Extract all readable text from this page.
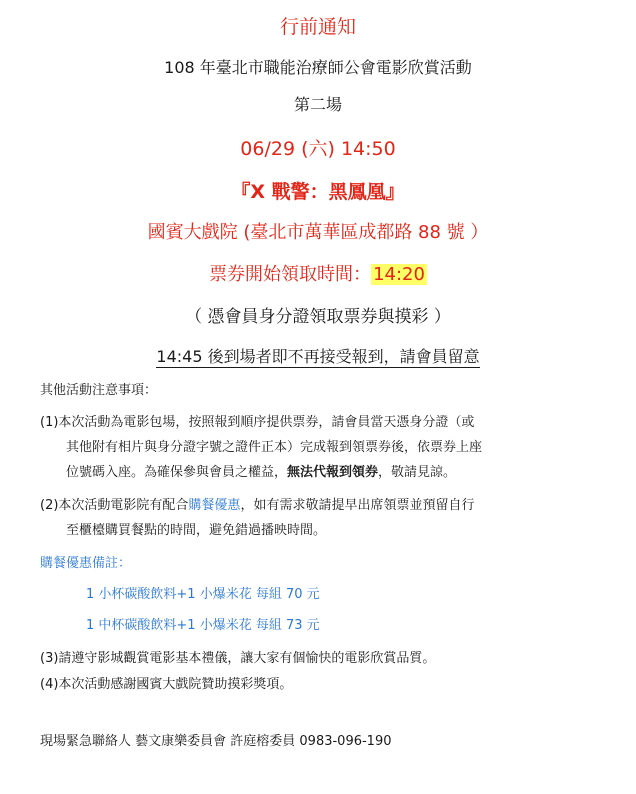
行前通知
108 年臺北市職能治療師公會電影欣賞活動
第二場
06/29 (六) 14:50
『X 戰警：黑鳳凰』
國賓大戲院 (臺北市萬華區成都路 88 號 ）
票券開始領取時間： 14:20
（ 憑會員身分證領取票券與摸彩 ）
14:45 後到場者即不再接受報到，請會員留意
其他活動注意事項：
(1)本次活動為電影包場，按照報到順序提供票券，請會員當天憑身分證（或
其他附有相片與身分證字號之證件正本）完成報到領票券後，依票券上座
位號碼入座。為確保參與會員之權益，無法代報到領券，敬請見諒。
(2)本次活動電影院有配合購餐優惠，如有需求敬請提早出席領票並預留自行
至櫃檯購買餐點的時間，避免錯過播映時間。
購餐優惠備註：
1 小杯碳酸飲料+1 小爆米花 每組 70 元
1 中杯碳酸飲料+1 小爆米花 每組 73 元
(3)請遵守影城觀賞電影基本禮儀，讓大家有個愉快的電影欣賞品質。
(4)本次活動感謝國賓大戲院贊助摸彩獎項。
現場緊急聯絡人 藝文康樂委員會 許庭榕委員 0983-096-190
